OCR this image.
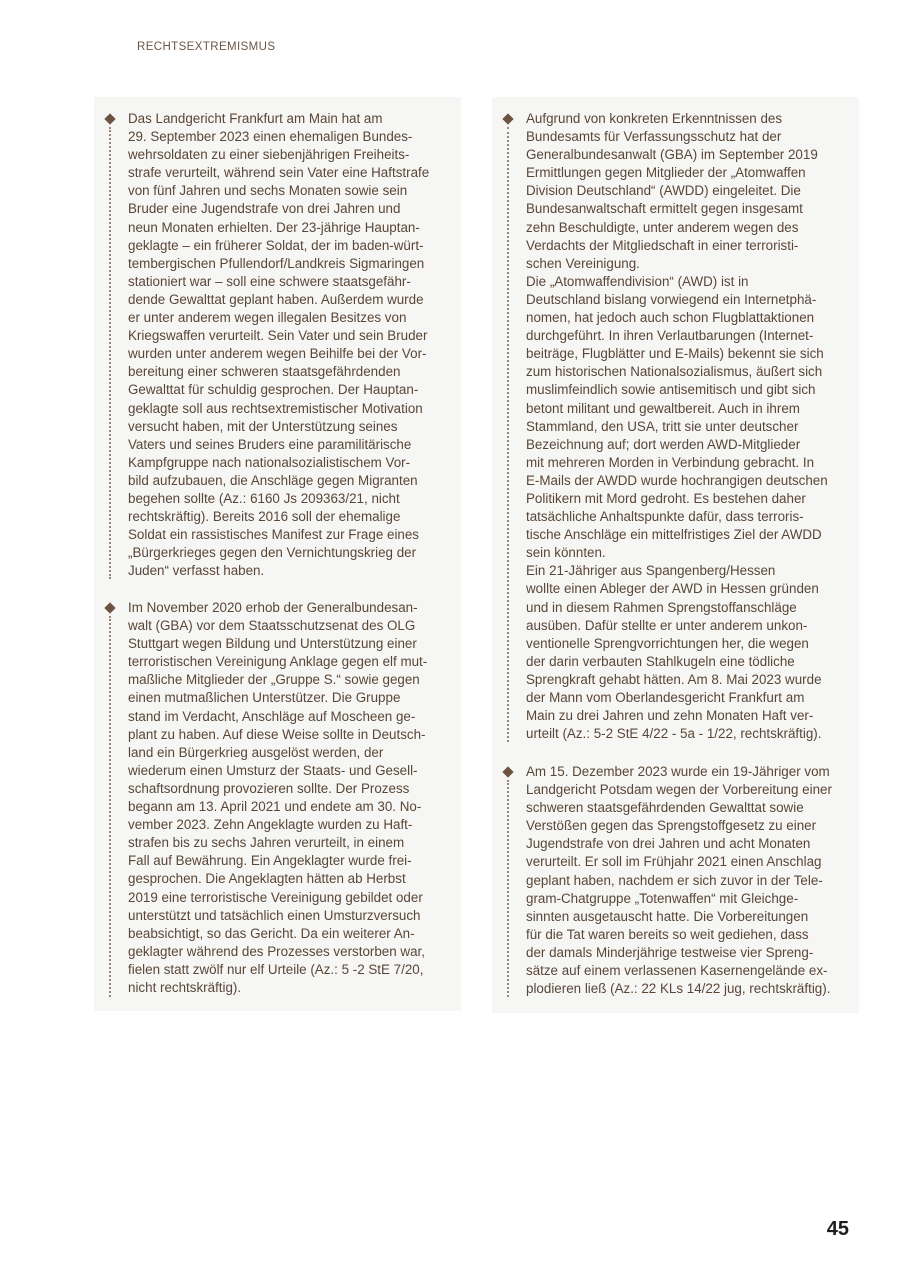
RECHTSEXTREMISMUS
Das Landgericht Frankfurt am Main hat am
29. September 2023 einen ehemaligen Bundes-
wehrsoldaten zu einer siebenjährigen Freiheits-
strafe verurteilt, während sein Vater eine Haftstrafe
von fünf Jahren und sechs Monaten sowie sein
Bruder eine Jugendstrafe von drei Jahren und
neun Monaten erhielten. Der 23-jährige Hauptan-
geklagte – ein früherer Soldat, der im baden-würt-
tembergischen Pfullendorf/Landkreis Sigmaringen
stationiert war – soll eine schwere staatsgefähr-
dende Gewalttat geplant haben. Außerdem wurde
er unter anderem wegen illegalen Besitzes von
Kriegswaffen verurteilt. Sein Vater und sein Bruder
wurden unter anderem wegen Beihilfe bei der Vor-
bereitung einer schweren staatsgefährdenden
Gewalttat für schuldig gesprochen. Der Hauptan-
geklagte soll aus rechtsextremistischer Motivation
versucht haben, mit der Unterstützung seines
Vaters und seines Bruders eine paramilitärische
Kampfgruppe nach nationalsozialistischem Vor-
bild aufzubauen, die Anschläge gegen Migranten
begehen sollte (Az.: 6160 Js 209363/21, nicht
rechtskräftig). Bereits 2016 soll der ehemalige
Soldat ein rassistisches Manifest zur Frage eines
„Bürgerkrieges gegen den Vernichtungskrieg der
Juden“ verfasst haben.
Im November 2020 erhob der Generalbundesan-
walt (GBA) vor dem Staatsschutzsenat des OLG
Stuttgart wegen Bildung und Unterstützung einer
terroristischen Vereinigung Anklage gegen elf mut-
maßliche Mitglieder der „Gruppe S.“ sowie gegen
einen mutmaßlichen Unterstützer. Die Gruppe
stand im Verdacht, Anschläge auf Moscheen ge-
plant zu haben. Auf diese Weise sollte in Deutsch-
land ein Bürgerkrieg ausgelöst werden, der
wiederum einen Umsturz der Staats- und Gesell-
schaftsordnung provozieren sollte. Der Prozess
begann am 13. April 2021 und endete am 30. No-
vember 2023. Zehn Angeklagte wurden zu Haft-
strafen bis zu sechs Jahren verurteilt, in einem
Fall auf Bewährung. Ein Angeklagter wurde frei-
gesprochen. Die Angeklagten hätten ab Herbst
2019 eine terroristische Vereinigung gebildet oder
unterstützt und tatsächlich einen Umsturzversuch
beabsichtigt, so das Gericht. Da ein weiterer An-
geklagter während des Prozesses verstorben war,
fielen statt zwölf nur elf Urteile (Az.: 5 -2 StE 7/20,
nicht rechtskräftig).
Aufgrund von konkreten Erkenntnissen des
Bundesamts für Verfassungsschutz hat der
Generalbundesanwalt (GBA) im September 2019
Ermittlungen gegen Mitglieder der „Atomwaffen
Division Deutschland“ (AWDD) eingeleitet. Die
Bundesanwaltschaft ermittelt gegen insgesamt
zehn Beschuldigte, unter anderem wegen des
Verdachts der Mitgliedschaft in einer terroristi-
schen Vereinigung.
Die „Atomwaffendivision“ (AWD) ist in
Deutschland bislang vorwiegend ein Internetphä-
nomen, hat jedoch auch schon Flugblattaktionen
durchgeführt. In ihren Verlautbarungen (Internet-
beiträge, Flugblätter und E-Mails) bekennt sie sich
zum historischen Nationalsozialismus, äußert sich
muslimfeindlich sowie antisemitisch und gibt sich
betont militant und gewaltbereit. Auch in ihrem
Stammland, den USA, tritt sie unter deutscher
Bezeichnung auf; dort werden AWD-Mitglieder
mit mehreren Morden in Verbindung gebracht. In
E-Mails der AWDD wurde hochrangigen deutschen
Politikern mit Mord gedroht. Es bestehen daher
tatsächliche Anhaltspunkte dafür, dass terroris-
tische Anschläge ein mittelfristiges Ziel der AWDD
sein könnten.
Ein 21-Jähriger aus Spangenberg/Hessen
wollte einen Ableger der AWD in Hessen gründen
und in diesem Rahmen Sprengstoffanschläge
ausüben. Dafür stellte er unter anderem unkon-
ventionelle Sprengvorrichtungen her, die wegen
der darin verbauten Stahlkugeln eine tödliche
Sprengkraft gehabt hätten. Am 8. Mai 2023 wurde
der Mann vom Oberlandesgericht Frankfurt am
Main zu drei Jahren und zehn Monaten Haft ver-
urteilt (Az.: 5-2 StE 4/22 - 5a - 1/22, rechtskräftig).
Am 15. Dezember 2023 wurde ein 19-Jähriger vom
Landgericht Potsdam wegen der Vorbereitung einer
schweren staatsgefährdenden Gewalttat sowie
Verstößen gegen das Sprengstoffgesetz zu einer
Jugendstrafe von drei Jahren und acht Monaten
verurteilt. Er soll im Frühjahr 2021 einen Anschlag
geplant haben, nachdem er sich zuvor in der Tele-
gram-Chatgruppe „Totenwaffen“ mit Gleichge-
sinnten ausgetauscht hatte. Die Vorbereitungen
für die Tat waren bereits so weit gediehen, dass
der damals Minderjährige testweise vier Spreng-
sätze auf einem verlassenen Kasernengelände ex-
plodieren ließ (Az.: 22 KLs 14/22 jug, rechtskräftig).
45
